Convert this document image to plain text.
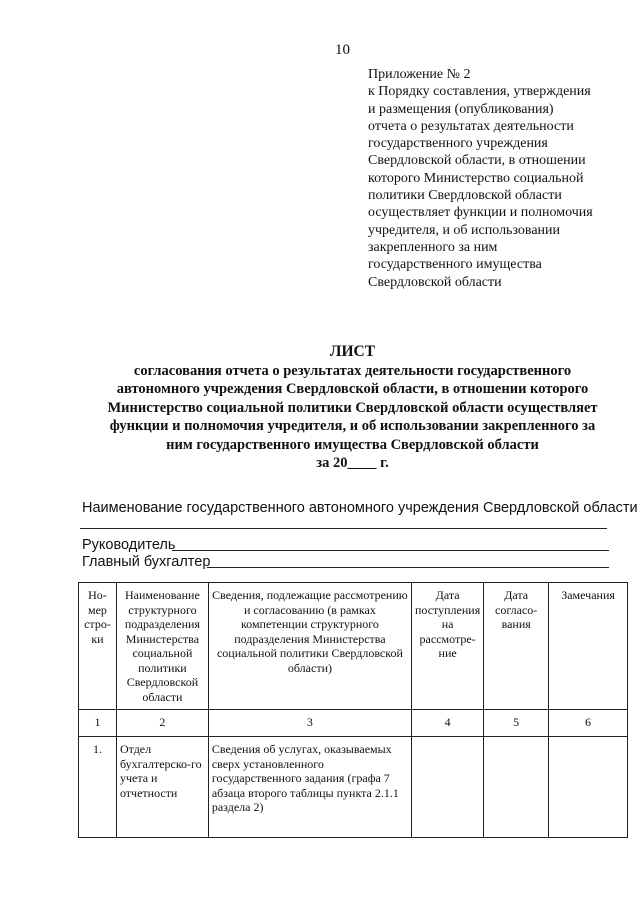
10
Приложение № 2
к Порядку составления, утверждения
и размещения (опубликования)
отчета о результатах деятельности
государственного учреждения
Свердловской области, в отношении
которого Министерство социальной
политики Свердловской области
осуществляет функции и полномочия
учредителя, и об использовании
закрепленного за ним
государственного имущества
Свердловской области
ЛИСТ
согласования отчета о результатах деятельности государственного
автономного учреждения Свердловской области, в отношении которого
Министерство социальной политики Свердловской области осуществляет
функции и полномочия учредителя, и об использовании закрепленного за
ним государственного имущества Свердловской области
за 20____ г.
Наименование государственного автономного учреждения Свердловской области
Руководитель
Главный бухгалтер
Но-мер стро-ки	Наименование структурного подразделения Министерства социальной политики Свердловской области	Сведения, подлежащие рассмотрению и согласованию (в рамках компетенции структурного подразделения Министерства социальной политики Свердловской области)	Дата поступления на рассмотре-ние	Дата согласо-вания	Замечания
1	2	3	4	5	6
1.	Отдел бухгалтерско-го учета и отчетности	Сведения об услугах, оказываемых сверх установленного государственного задания (графа 7 абзаца второго таблицы пункта 2.1.1 раздела 2)			
